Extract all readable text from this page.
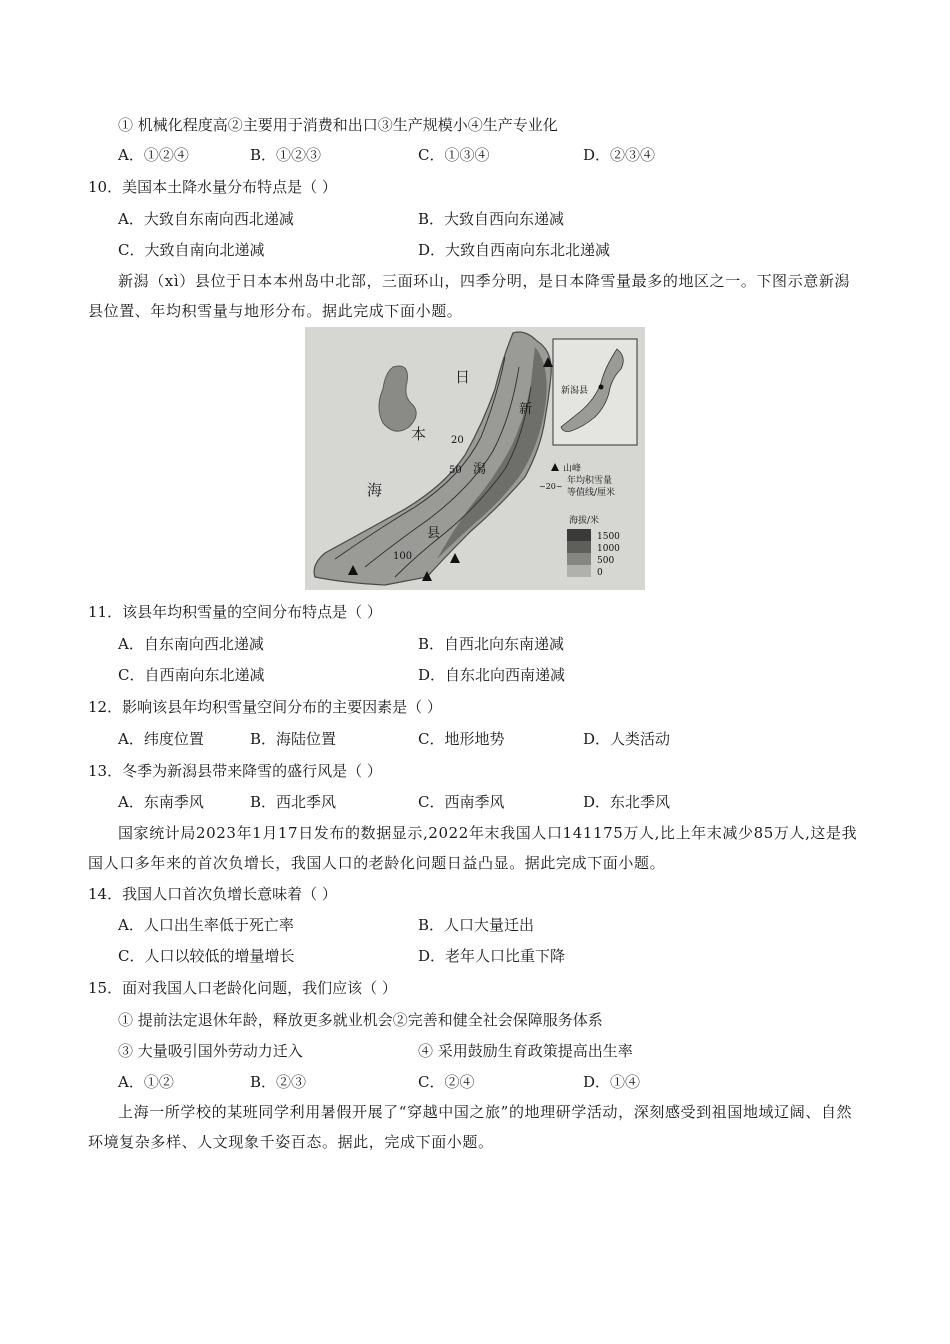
① 机械化程度高②主要用于消费和出口③生产规模小④生产专业化
A．①②④	B．①②③	C．①③④	D．②③④
10．美国本土降水量分布特点是（ ）
A．大致自东南向西北递减	B．大致自西向东递减
C．大致自南向北递减	D．大致自西南向东北北递减
新潟（xì）县位于日本本州岛中北部，三面环山，四季分明，是日本降雪量最多的地区之一。下图示意新潟县位置、年均积雪量与地形分布。据此完成下面小题。
日
本
海
新
潟
县
20
50
100
新潟县
山峰
~20~
年均积雪量
等值线/厘米
海拔/米
1500
1000
500
0
11．该县年均积雪量的空间分布特点是（ ）
A．自东南向西北递减	B．自西北向东南递减
C．自西南向东北递减	D．自东北向西南递减
12．影响该县年均积雪量空间分布的主要因素是（ ）
A．纬度位置	B．海陆位置	C．地形地势	D．人类活动
13．冬季为新潟县带来降雪的盛行风是（ ）
A．东南季风	B．西北季风	C．西南季风	D．东北季风
国家统计局2023年1月17日发布的数据显示,2022年末我国人口141175万人,比上年末减少85万人,这是我国人口多年来的首次负增长，我国人口的老龄化问题日益凸显。据此完成下面小题。
14．我国人口首次负增长意味着（ ）
A．人口出生率低于死亡率	B．人口大量迁出
C．人口以较低的增量增长	D．老年人口比重下降
15．面对我国人口老龄化问题，我们应该（ ）
① 提前法定退休年龄，释放更多就业机会②完善和健全社会保障服务体系
③ 大量吸引国外劳动力迁入	④ 采用鼓励生育政策提高出生率
A．①②	B．②③	C．②④	D．①④
上海一所学校的某班同学利用暑假开展了“穿越中国之旅”的地理研学活动，深刻感受到祖国地域辽阔、自然环境复杂多样、人文现象千姿百态。据此，完成下面小题。
